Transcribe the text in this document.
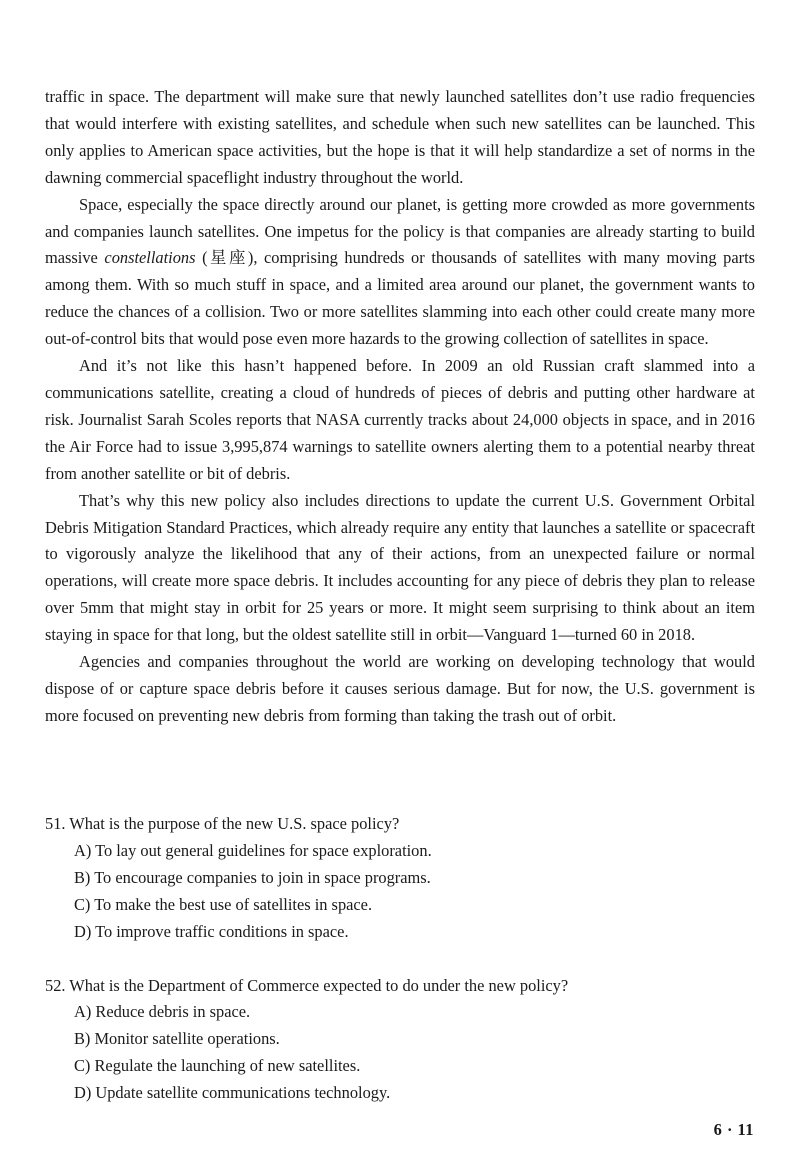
traffic in space. The department will make sure that newly launched satellites don’t use radio frequencies that would interfere with existing satellites, and schedule when such new satellites can be launched. This only applies to American space activities, but the hope is that it will help standardize a set of norms in the dawning commercial spaceflight industry throughout the world.

Space, especially the space directly around our planet, is getting more crowded as more governments and companies launch satellites. One impetus for the policy is that companies are already starting to build massive constellations (星座), comprising hundreds or thousands of satellites with many moving parts among them. With so much stuff in space, and a limited area around our planet, the government wants to reduce the chances of a collision. Two or more satellites slamming into each other could create many more out-of-control bits that would pose even more hazards to the growing collection of satellites in space.

And it’s not like this hasn’t happened before. In 2009 an old Russian craft slammed into a communications satellite, creating a cloud of hundreds of pieces of debris and putting other hardware at risk. Journalist Sarah Scoles reports that NASA currently tracks about 24,000 objects in space, and in 2016 the Air Force had to issue 3,995,874 warnings to satellite owners alerting them to a potential nearby threat from another satellite or bit of debris.

That’s why this new policy also includes directions to update the current U.S. Government Orbital Debris Mitigation Standard Practices, which already require any entity that launches a satellite or spacecraft to vigorously analyze the likelihood that any of their actions, from an unexpected failure or normal operations, will create more space debris. It includes accounting for any piece of debris they plan to release over 5mm that might stay in orbit for 25 years or more. It might seem surprising to think about an item staying in space for that long, but the oldest satellite still in orbit—Vanguard 1—turned 60 in 2018.

Agencies and companies throughout the world are working on developing technology that would dispose of or capture space debris before it causes serious damage. But for now, the U.S. government is more focused on preventing new debris from forming than taking the trash out of orbit.

51. What is the purpose of the new U.S. space policy?
A) To lay out general guidelines for space exploration.
B) To encourage companies to join in space programs.
C) To make the best use of satellites in space.
D) To improve traffic conditions in space.
52. What is the Department of Commerce expected to do under the new policy?
A) Reduce debris in space.
B) Monitor satellite operations.
C) Regulate the launching of new satellites.
D) Update satellite communications technology.
6 · 11
